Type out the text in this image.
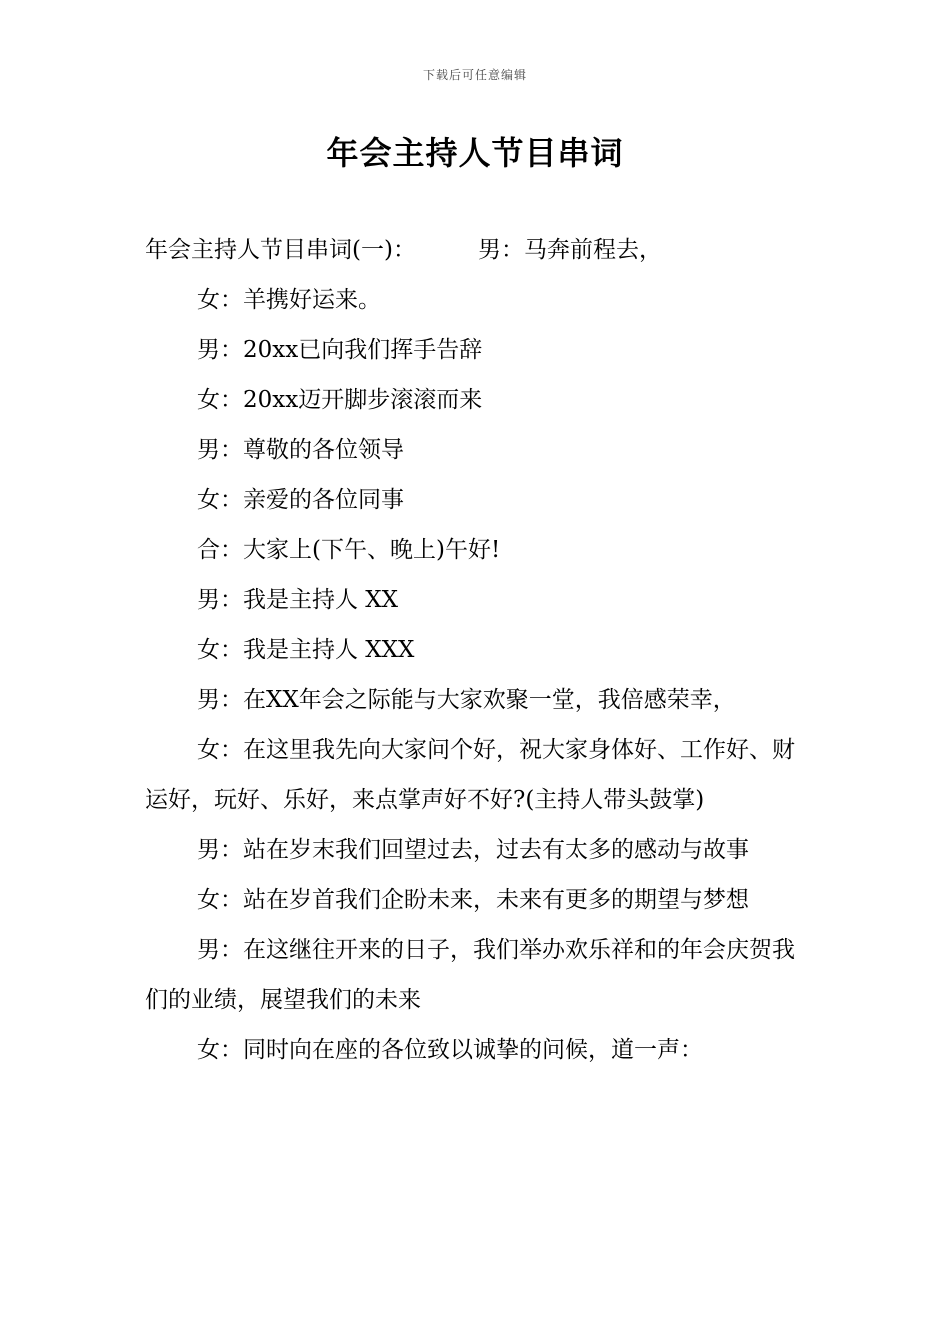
下载后可任意编辑
年会主持人节目串词

年会主持人节目串词(一)：	男：马奔前程去，

女：羊携好运来。

男：20xx已向我们挥手告辞

女：20xx迈开脚步滚滚而来

男：尊敬的各位领导

女：亲爱的各位同事

合：大家上(下午、晚上)午好!

男：我是主持人 XX

女：我是主持人 XXX

男：在XX年会之际能与大家欢聚一堂，我倍感荣幸，

女：在这里我先向大家问个好，祝大家身体好、工作好、财运好，玩好、乐好，来点掌声好不好?(主持人带头鼓掌)

男：站在岁末我们回望过去，过去有太多的感动与故事

女：站在岁首我们企盼未来，未来有更多的期望与梦想

男：在这继往开来的日子，我们举办欢乐祥和的年会庆贺我们的业绩，展望我们的未来

女：同时向在座的各位致以诚挚的问候，道一声：
